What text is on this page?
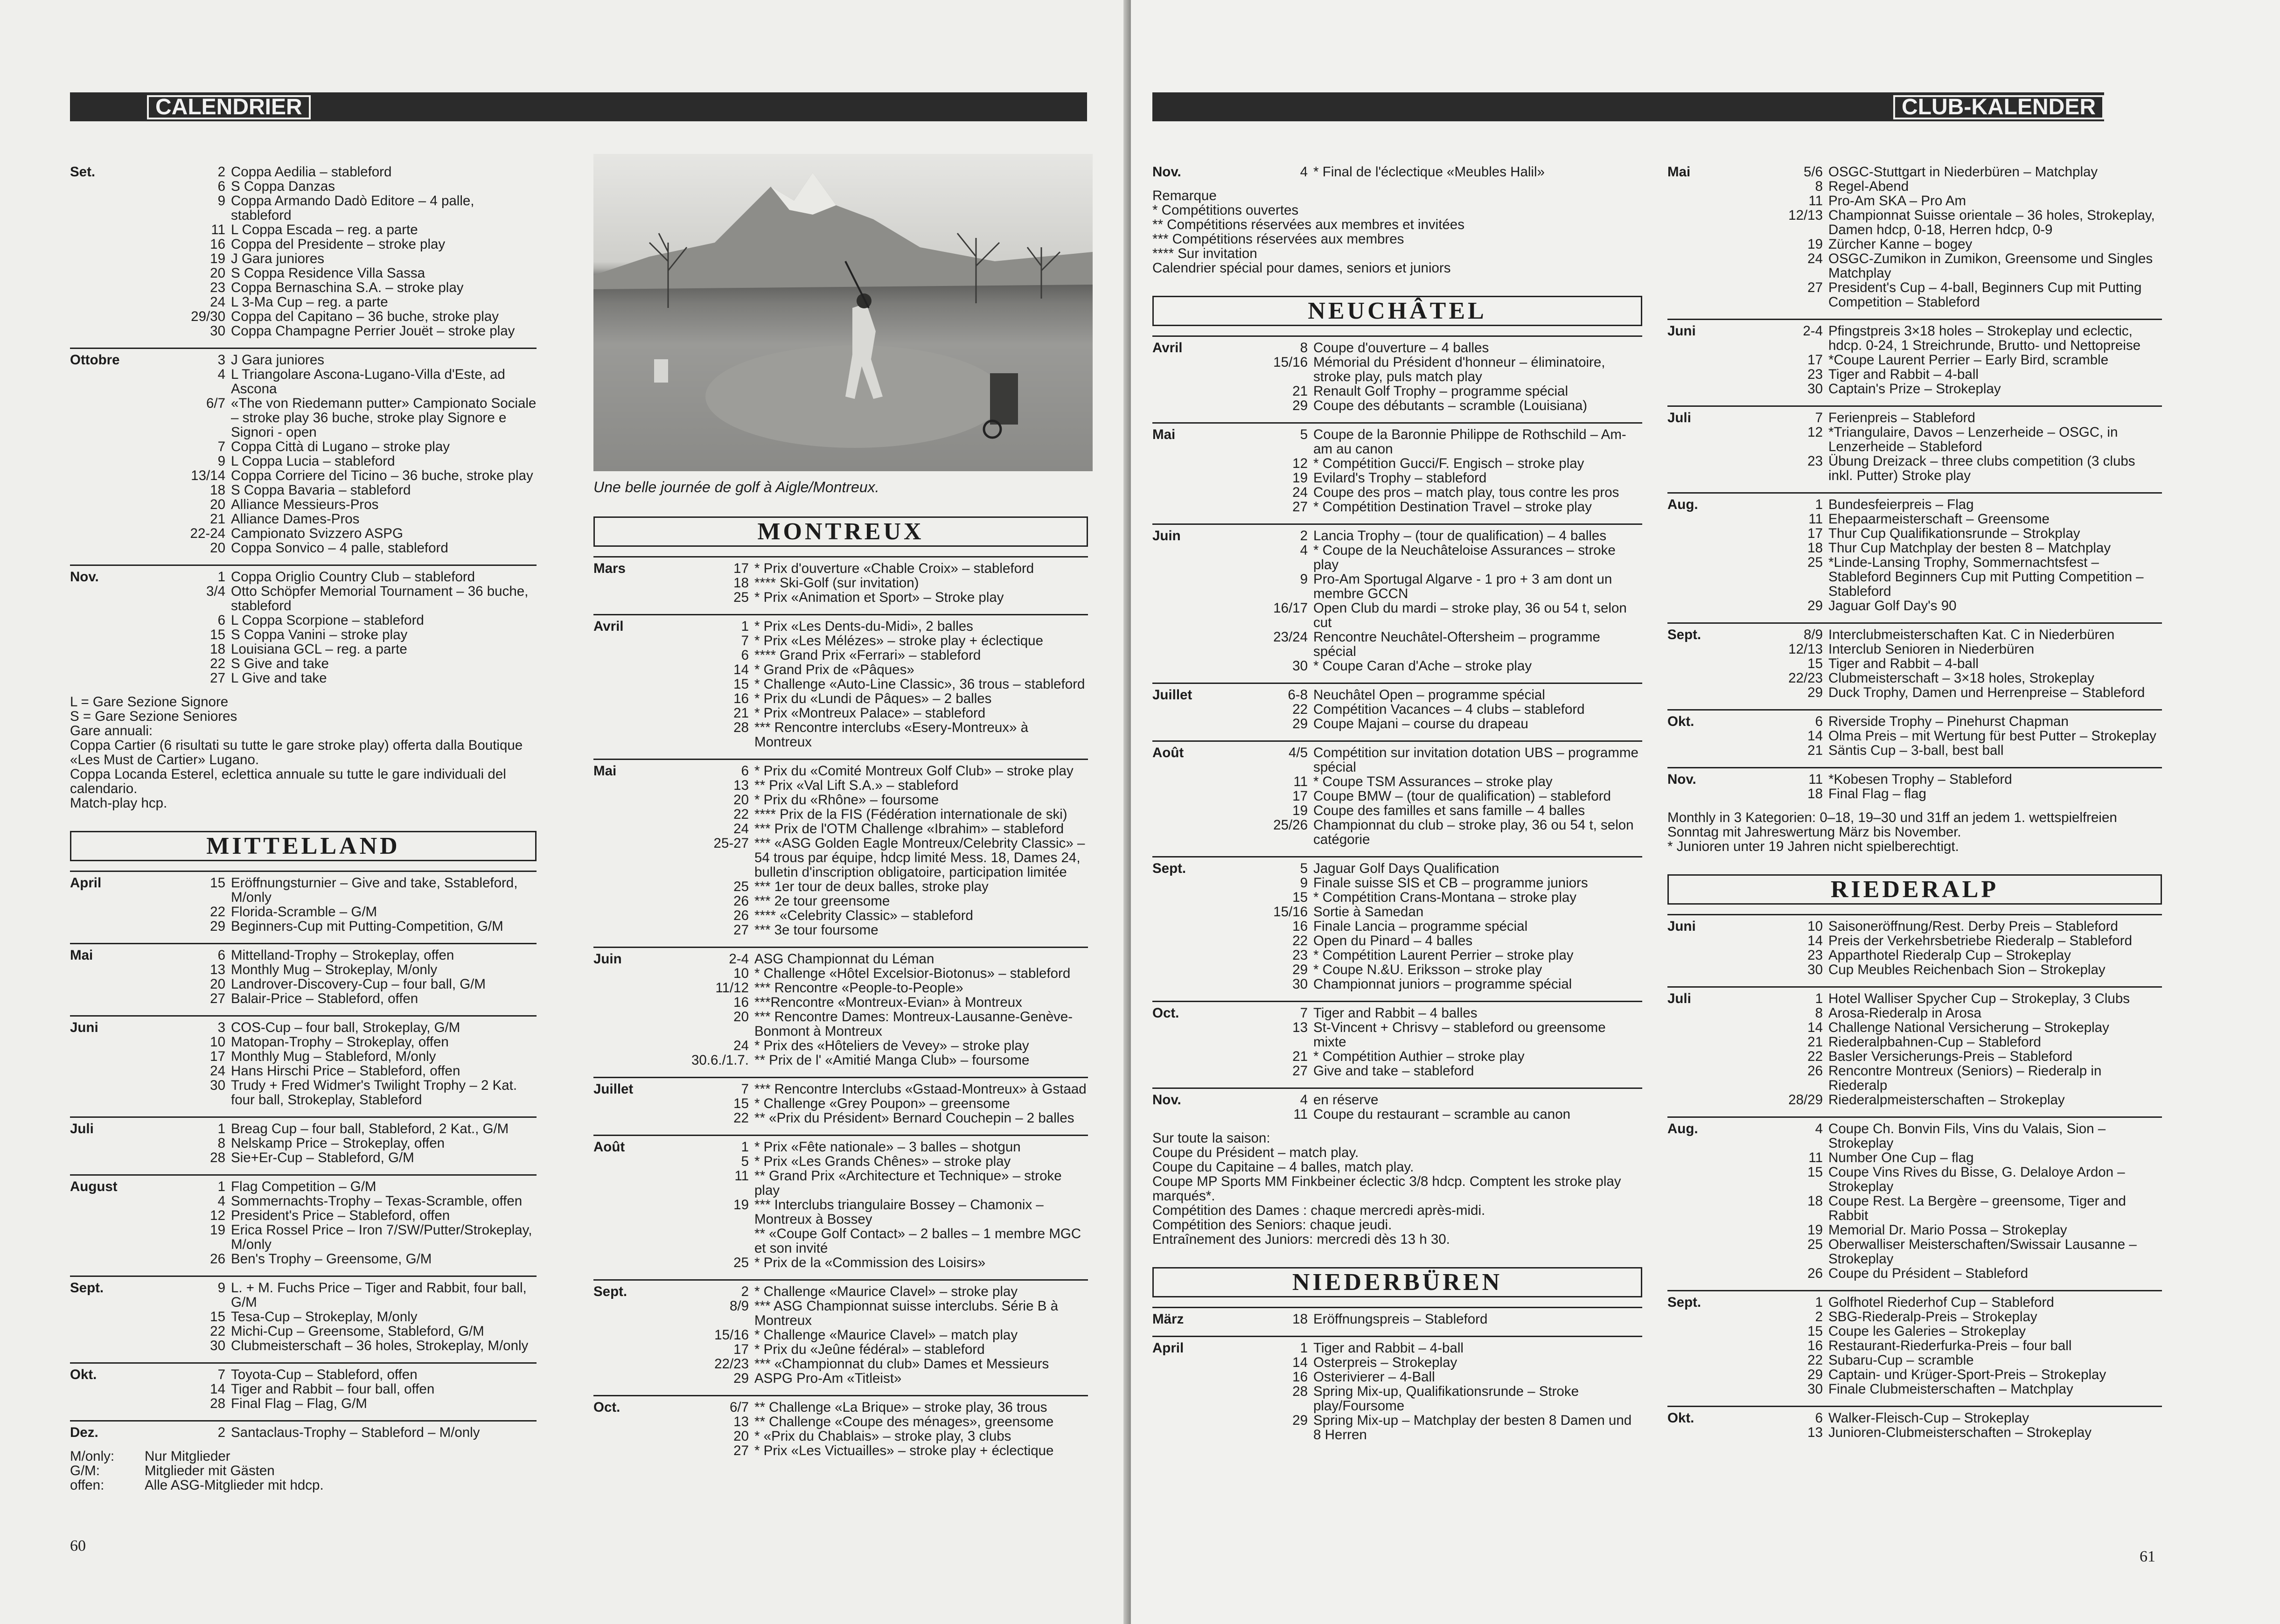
CALENDRIER
Set.	2 Coppa Aedilia – stableford
6 S Coppa Danzas
9 Coppa Armando Dadò Editore – 4 palle, stableford
11 L Coppa Escada – reg. a parte
16 Coppa del Presidente – stroke play
19 J Gara juniores
20 S Coppa Residence Villa Sassa
23 Coppa Bernaschina S.A. – stroke play
24 L 3-Ma Cup – reg. a parte
29/30 Coppa del Capitano – 36 buche, stroke play
30 Coppa Champagne Perrier Jouët – stroke play
Ottobre	3 J Gara juniores
4 L Triangolare Ascona-Lugano-Villa d'Este, ad Ascona
6/7 «The von Riedemann putter» Campionato Sociale – stroke play 36 buche, stroke play Signore e Signori - open
7 Coppa Città di Lugano – stroke play
9 L Coppa Lucia – stableford
13/14 Coppa Corriere del Ticino – 36 buche, stroke play
18 S Coppa Bavaria – stableford
20 Alliance Messieurs-Pros
21 Alliance Dames-Pros
22-24 Campionato Svizzero ASPG
20 Coppa Sonvico – 4 palle, stableford
Nov.	1 Coppa Origlio Country Club – stableford
3/4 Otto Schöpfer Memorial Tournament – 36 buche, stableford
6 L Coppa Scorpione – stableford
15 S Coppa Vanini – stroke play
18 Louisiana GCL – reg. a parte
22 S Give and take
27 L Give and take
L = Gare Sezione Signore
S = Gare Sezione Seniores
Gare annuali:
Coppa Cartier (6 risultati su tutte le gare stroke play) offerta dalla Boutique «Les Must de Cartier» Lugano.
Coppa Locanda Esterel, eclettica annuale su tutte le gare individuali del calendario.
Match-play hcp.
MITTELLAND
April	15 Eröffnungsturnier – Give and take, Sstableford, M/only
22 Florida-Scramble – G/M
29 Beginners-Cup mit Putting-Competition, G/M
Mai	6 Mittelland-Trophy – Strokeplay, offen
13 Monthly Mug – Strokeplay, M/only
20 Landrover-Discovery-Cup – four ball, G/M
27 Balair-Price – Stableford, offen
Juni	3 COS-Cup – four ball, Strokeplay, G/M
10 Matopan-Trophy – Strokeplay, offen
17 Monthly Mug – Stableford, M/only
24 Hans Hirschi Price – Stableford, offen
30 Trudy + Fred Widmer's Twilight Trophy – 2 Kat. four ball, Strokeplay, Stableford
Juli	1 Breag Cup – four ball, Stableford, 2 Kat., G/M
8 Nelskamp Price – Strokeplay, offen
28 Sie+Er-Cup – Stableford, G/M
August	1 Flag Competition – G/M
4 Sommernachts-Trophy – Texas-Scramble, offen
12 President's Price – Stableford, offen
19 Erica Rossel Price – Iron 7/SW/Putter/Strokeplay, M/only
26 Ben's Trophy – Greensome, G/M
Sept.	9 L. + M. Fuchs Price – Tiger and Rabbit, four ball, G/M
15 Tesa-Cup – Strokeplay, M/only
22 Michi-Cup – Greensome, Stableford, G/M
30 Clubmeisterschaft – 36 holes, Strokeplay, M/only
Okt.	7 Toyota-Cup – Stableford, offen
14 Tiger and Rabbit – four ball, offen
28 Final Flag – Flag, G/M
Dez.	2 Santaclaus-Trophy – Stableford – M/only
M/only:	Nur Mitglieder
G/M:	Mitglieder mit Gästen
offen:	Alle ASG-Mitglieder mit hdcp.
Une belle journée de golf à Aigle/Montreux.
MONTREUX
Mars	17 * Prix d'ouverture «Chable Croix» – stableford
18 **** Ski-Golf (sur invitation)
25 * Prix «Animation et Sport» – Stroke play
Avril	1 * Prix «Les Dents-du-Midi», 2 balles
7 * Prix «Les Mélézes» – stroke play + éclectique
6 **** Grand Prix «Ferrari» – stableford
14 * Grand Prix de «Pâques»
15 * Challenge «Auto-Line Classic», 36 trous – stableford
16 * Prix du «Lundi de Pâques» – 2 balles
21 * Prix «Montreux Palace» – stableford
28 *** Rencontre interclubs «Esery-Montreux» à Montreux
Mai	6 * Prix du «Comité Montreux Golf Club» – stroke play
13 ** Prix «Val Lift S.A.» – stableford
20 * Prix du «Rhône» – foursome
22 **** Prix de la FIS (Fédération internationale de ski)
24 *** Prix de l'OTM Challenge «Ibrahim» – stableford
25-27 *** «ASG Golden Eagle Montreux/Celebrity Classic» – 54 trous par équipe, hdcp limité Mess. 18, Dames 24, bulletin d'inscription obligatoire, participation limitée
25 *** 1er tour de deux balles, stroke play
26 *** 2e tour greensome
26 **** «Celebrity Classic» – stableford
27 *** 3e tour foursome
Juin	2-4 ASG Championnat du Léman
10 * Challenge «Hôtel Excelsior-Biotonus» – stableford
11/12 *** Rencontre «People-to-People»
16 ***Rencontre «Montreux-Evian» à Montreux
20 *** Rencontre Dames: Montreux-Lausanne-Genève-Bonmont à Montreux
24 * Prix des «Hôteliers de Vevey» – stroke play
30.6./1.7. ** Prix de l' «Amitié Manga Club» – foursome
Juillet	7 *** Rencontre Interclubs «Gstaad-Montreux» à Gstaad
15 * Challenge «Grey Poupon» – greensome
22 ** «Prix du Président» Bernard Couchepin – 2 balles
Août	1 * Prix «Fête nationale» – 3 balles – shotgun
5 * Prix «Les Grands Chênes» – stroke play
11 ** Grand Prix «Architecture et Technique» – stroke play
19 *** Interclubs triangulaire Bossey – Chamonix – Montreux à Bossey
** «Coupe Golf Contact» – 2 balles – 1 membre MGC et son invité
25 * Prix de la «Commission des Loisirs»
Sept.	2 * Challenge «Maurice Clavel» – stroke play
8/9 *** ASG Championnat suisse interclubs. Série B à Montreux
15/16 * Challenge «Maurice Clavel» – match play
17 * Prix du «Jeûne fédéral» – stableford
22/23 *** «Championnat du club» Dames et Messieurs
29 ASPG Pro-Am «Titleist»
Oct.	6/7 ** Challenge «La Brique» – stroke play, 36 trous
13 ** Challenge «Coupe des ménages», greensome
20 * «Prix du Chablais» – stroke play, 3 clubs
27 * Prix «Les Victuailles» – stroke play + éclectique
60
CLUB-KALENDER
Nov.	4 * Final de l'éclectique «Meubles Halil»
Remarque
* Compétitions ouvertes
** Compétitions réservées aux membres et invitées
*** Compétitions réservées aux membres
**** Sur invitation
Calendrier spécial pour dames, seniors et juniors
NEUCHÂTEL
Avril	8 Coupe d'ouverture – 4 balles
15/16 Mémorial du Président d'honneur – éliminatoire, stroke play, puls match play
21 Renault Golf Trophy – programme spécial
29 Coupe des débutants – scramble (Louisiana)
Mai	5 Coupe de la Baronnie Philippe de Rothschild – Am-am au canon
12 * Compétition Gucci/F. Engisch – stroke play
19 Evilard's Trophy – stableford
24 Coupe des pros – match play, tous contre les pros
27 * Compétition Destination Travel – stroke play
Juin	2 Lancia Trophy – (tour de qualification) – 4 balles
4 * Coupe de la Neuchâteloise Assurances – stroke play
9 Pro-Am Sportugal Algarve - 1 pro + 3 am dont un membre GCCN
16/17 Open Club du mardi – stroke play, 36 ou 54 t, selon cut
23/24 Rencontre Neuchâtel-Oftersheim – programme spécial
30 * Coupe Caran d'Ache – stroke play
Juillet	6-8 Neuchâtel Open – programme spécial
22 Compétition Vacances – 4 clubs – stableford
29 Coupe Majani – course du drapeau
Août	4/5 Compétition sur invitation dotation UBS – programme spécial
11 * Coupe TSM Assurances – stroke play
17 Coupe BMW – (tour de qualification) – stableford
19 Coupe des familles et sans famille – 4 balles
25/26 Championnat du club – stroke play, 36 ou 54 t, selon catégorie
Sept.	5 Jaguar Golf Days Qualification
9 Finale suisse SIS et CB – programme juniors
15 * Compétition Crans-Montana – stroke play
15/16 Sortie à Samedan
16 Finale Lancia – programme spécial
22 Open du Pinard – 4 balles
23 * Compétition Laurent Perrier – stroke play
29 * Coupe N.&U. Eriksson – stroke play
30 Championnat juniors – programme spécial
Oct.	7 Tiger and Rabbit – 4 balles
13 St-Vincent + Chrisvy – stableford ou greensome mixte
21 * Compétition Authier – stroke play
27 Give and take – stableford
Nov.	4 en réserve
11 Coupe du restaurant – scramble au canon
Sur toute la saison:
Coupe du Président – match play.
Coupe du Capitaine – 4 balles, match play.
Coupe MP Sports MM Finkbeiner éclectic 3/8 hdcp. Comptent les stroke play marqués*.
Compétition des Dames : chaque mercredi après-midi.
Compétition des Seniors: chaque jeudi.
Entraînement des Juniors: mercredi dès 13 h 30.
NIEDERBÜREN
März	18 Eröffnungspreis – Stableford
April	1 Tiger and Rabbit – 4-ball
14 Osterpreis – Strokeplay
16 Osterivierer – 4-Ball
28 Spring Mix-up, Qualifikationsrunde – Stroke play/Foursome
29 Spring Mix-up – Matchplay der besten 8 Damen und 8 Herren
Mai	5/6 OSGC-Stuttgart in Niederbüren – Matchplay
8 Regel-Abend
11 Pro-Am SKA – Pro Am
12/13 Championnat Suisse orientale – 36 holes, Strokeplay, Damen hdcp, 0-18, Herren hdcp, 0-9
19 Zürcher Kanne – bogey
24 OSGC-Zumikon in Zumikon, Greensome und Singles Matchplay
27 President's Cup – 4-ball, Beginners Cup mit Putting Competition – Stableford
Juni	2-4 Pfingstpreis 3×18 holes – Strokeplay und eclectic, hdcp. 0-24, 1 Streichrunde, Brutto- und Nettopreise
17 *Coupe Laurent Perrier – Early Bird, scramble
23 Tiger and Rabbit – 4-ball
30 Captain's Prize – Strokeplay
Juli	7 Ferienpreis – Stableford
12 *Triangulaire, Davos – Lenzerheide – OSGC, in Lenzerheide – Stableford
23 Übung Dreizack – three clubs competition (3 clubs inkl. Putter) Stroke play
Aug.	1 Bundesfeierpreis – Flag
11 Ehepaarmeisterschaft – Greensome
17 Thur Cup Qualifikationsrunde – Strokplay
18 Thur Cup Matchplay der besten 8 – Matchplay
25 *Linde-Lansing Trophy, Sommernachtsfest – Stableford Beginners Cup mit Putting Competition – Stableford
29 Jaguar Golf Day's 90
Sept.	8/9 Interclubmeisterschaften Kat. C in Niederbüren
12/13 Interclub Senioren in Niederbüren
15 Tiger and Rabbit – 4-ball
22/23 Clubmeisterschaft – 3×18 holes, Strokeplay
29 Duck Trophy, Damen und Herrenpreise – Stableford
Okt.	6 Riverside Trophy – Pinehurst Chapman
14 Olma Preis – mit Wertung für best Putter – Strokeplay
21 Säntis Cup – 3-ball, best ball
Nov.	11 *Kobesen Trophy – Stableford
18 Final Flag – flag
Monthly in 3 Kategorien: 0–18, 19–30 und 31ff an jedem 1. wettspielfreien Sonntag mit Jahreswertung März bis November.
* Junioren unter 19 Jahren nicht spielberechtigt.
RIEDERALP
Juni	10 Saisoneröffnung/Rest. Derby Preis – Stableford
14 Preis der Verkehrsbetriebe Riederalp – Stableford
23 Apparthotel Riederalp Cup – Strokeplay
30 Cup Meubles Reichenbach Sion – Strokeplay
Juli	1 Hotel Walliser Spycher Cup – Strokeplay, 3 Clubs
8 Arosa-Riederalp in Arosa
14 Challenge National Versicherung – Strokeplay
21 Riederalpbahnen-Cup – Stableford
22 Basler Versicherungs-Preis – Stableford
26 Rencontre Montreux (Seniors) – Riederalp in Riederalp
28/29 Riederalpmeisterschaften – Strokeplay
Aug.	4 Coupe Ch. Bonvin Fils, Vins du Valais, Sion – Strokeplay
11 Number One Cup – flag
15 Coupe Vins Rives du Bisse, G. Delaloye Ardon – Strokeplay
18 Coupe Rest. La Bergère – greensome, Tiger and Rabbit
19 Memorial Dr. Mario Possa – Strokeplay
25 Oberwalliser Meisterschaften/Swissair Lausanne – Strokeplay
26 Coupe du Président – Stableford
Sept.	1 Golfhotel Riederhof Cup – Stableford
2 SBG-Riederalp-Preis – Strokeplay
15 Coupe les Galeries – Strokeplay
16 Restaurant-Riederfurka-Preis – four ball
22 Subaru-Cup – scramble
29 Captain- und Krüger-Sport-Preis – Strokeplay
30 Finale Clubmeisterschaften – Matchplay
Okt.	6 Walker-Fleisch-Cup – Strokeplay
13 Junioren-Clubmeisterschaften – Strokeplay
61
